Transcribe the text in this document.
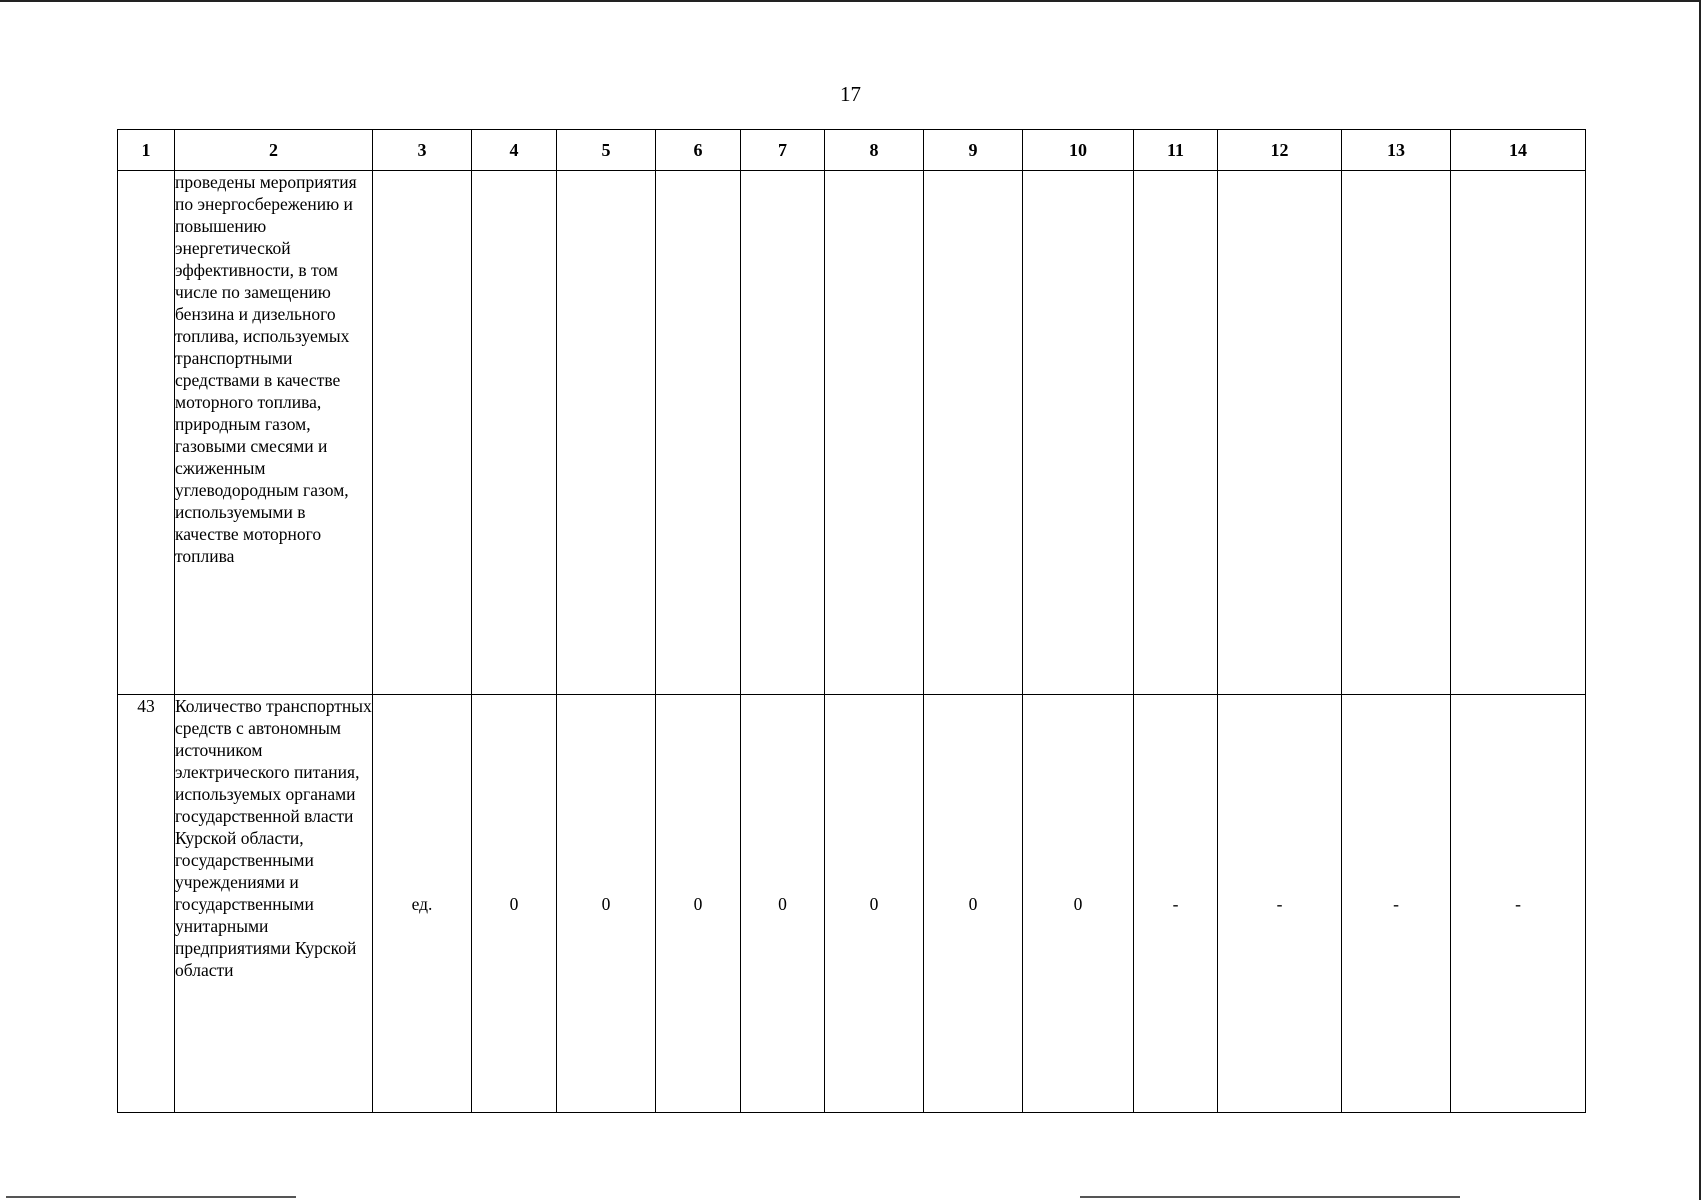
17
1	2	3	4	5	6	7	8	9	10	11	12	13	14

	проведены мероприятия по энергосбережению и повышению энергетической эффективности, в том числе по замещению бензина и дизельного топлива, используемых транспортными средствами в качестве моторного топлива, природным газом, газовыми смесями и сжиженным углеводородным газом, используемыми в качестве моторного топлива												

43	Количество транспортных средств с автономным источником электрического питания, используемых органами государственной власти Курской области, государственными учреждениями и государственными унитарными предприятиями Курской области	ед.	0	0	0	0	0	0	0	-	-	-	-
